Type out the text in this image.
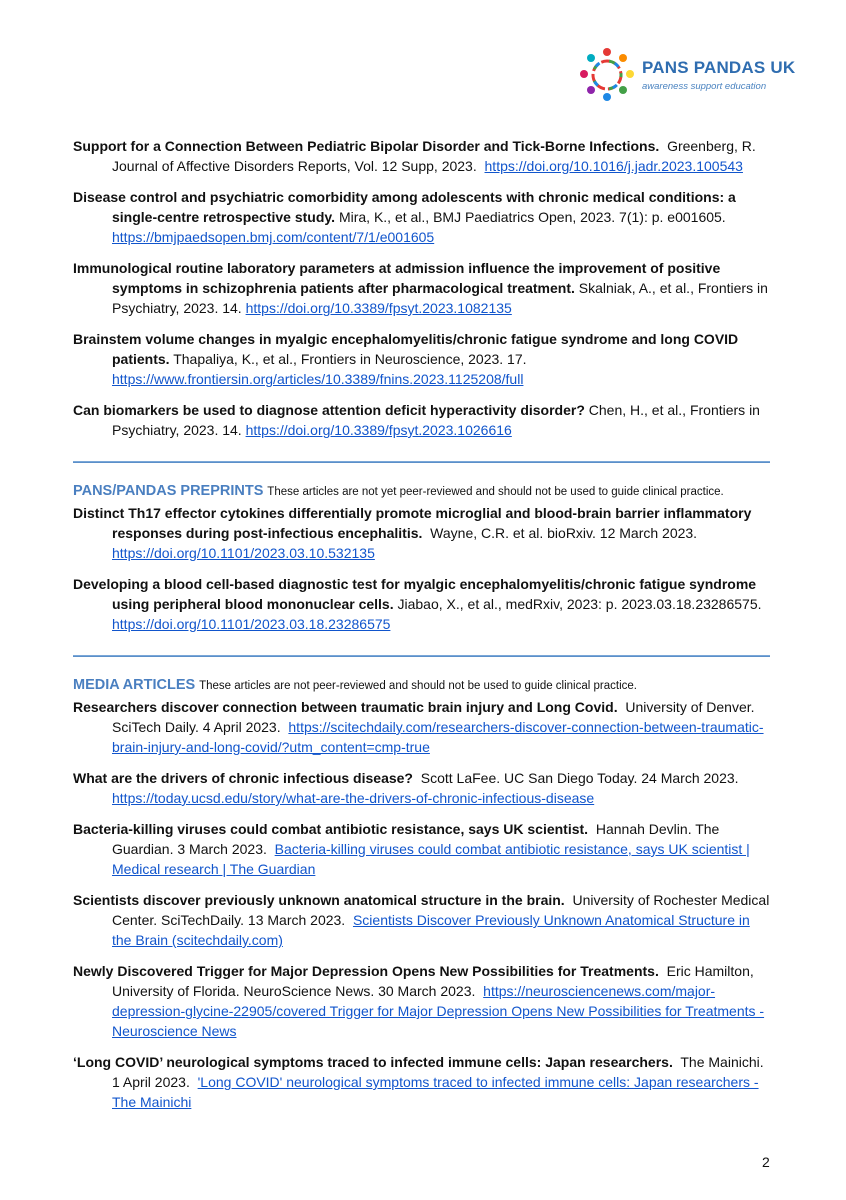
PANS PANDAS UK
awareness support education

Support for a Connection Between Pediatric Bipolar Disorder and Tick-Borne Infections. Greenberg, R. Journal of Affective Disorders Reports, Vol. 12 Supp, 2023. https://doi.org/10.1016/j.jadr.2023.100543

Disease control and psychiatric comorbidity among adolescents with chronic medical conditions: a single-centre retrospective study. Mira, K., et al., BMJ Paediatrics Open, 2023. 7(1): p. e001605. https://bmjpaedsopen.bmj.com/content/7/1/e001605

Immunological routine laboratory parameters at admission influence the improvement of positive symptoms in schizophrenia patients after pharmacological treatment. Skalniak, A., et al., Frontiers in Psychiatry, 2023. 14. https://doi.org/10.3389/fpsyt.2023.1082135

Brainstem volume changes in myalgic encephalomyelitis/chronic fatigue syndrome and long COVID patients. Thapaliya, K., et al., Frontiers in Neuroscience, 2023. 17. https://www.frontiersin.org/articles/10.3389/fnins.2023.1125208/full

Can biomarkers be used to diagnose attention deficit hyperactivity disorder? Chen, H., et al., Frontiers in Psychiatry, 2023. 14. https://doi.org/10.3389/fpsyt.2023.1026616

PANS/PANDAS PREPRINTS These articles are not yet peer-reviewed and should not be used to guide clinical practice.

Distinct Th17 effector cytokines differentially promote microglial and blood-brain barrier inflammatory responses during post-infectious encephalitis. Wayne, C.R. et al. bioRxiv. 12 March 2023.  https://doi.org/10.1101/2023.03.10.532135

Developing a blood cell-based diagnostic test for myalgic encephalomyelitis/chronic fatigue syndrome using peripheral blood mononuclear cells. Jiabao, X., et al., medRxiv, 2023: p. 2023.03.18.23286575. https://doi.org/10.1101/2023.03.18.23286575

MEDIA ARTICLES These articles are not peer-reviewed and should not be used to guide clinical practice.

Researchers discover connection between traumatic brain injury and Long Covid. University of Denver. SciTech Daily. 4 April 2023. https://scitechdaily.com/researchers-discover-connection-between-traumatic-brain-injury-and-long-covid/?utm_content=cmp-true

What are the drivers of chronic infectious disease? Scott LaFee. UC San Diego Today. 24 March 2023.  https://today.ucsd.edu/story/what-are-the-drivers-of-chronic-infectious-disease

Bacteria-killing viruses could combat antibiotic resistance, says UK scientist. Hannah Devlin. The Guardian. 3 March 2023. Bacteria-killing viruses could combat antibiotic resistance, says UK scientist | Medical research | The Guardian

Scientists discover previously unknown anatomical structure in the brain. University of Rochester Medical Center. SciTechDaily. 13 March 2023. Scientists Discover Previously Unknown Anatomical Structure in the Brain (scitechdaily.com)

Newly Discovered Trigger for Major Depression Opens New Possibilities for Treatments. Eric Hamilton, University of Florida. NeuroScience News. 30 March 2023. https://neurosciencenews.com/major-depression-glycine-22905/covered Trigger for Major Depression Opens New Possibilities for Treatments - Neuroscience News

‘Long COVID’ neurological symptoms traced to infected immune cells: Japan researchers. The Mainichi. 1 April 2023. 'Long COVID' neurological symptoms traced to infected immune cells: Japan researchers - The Mainichi

2
